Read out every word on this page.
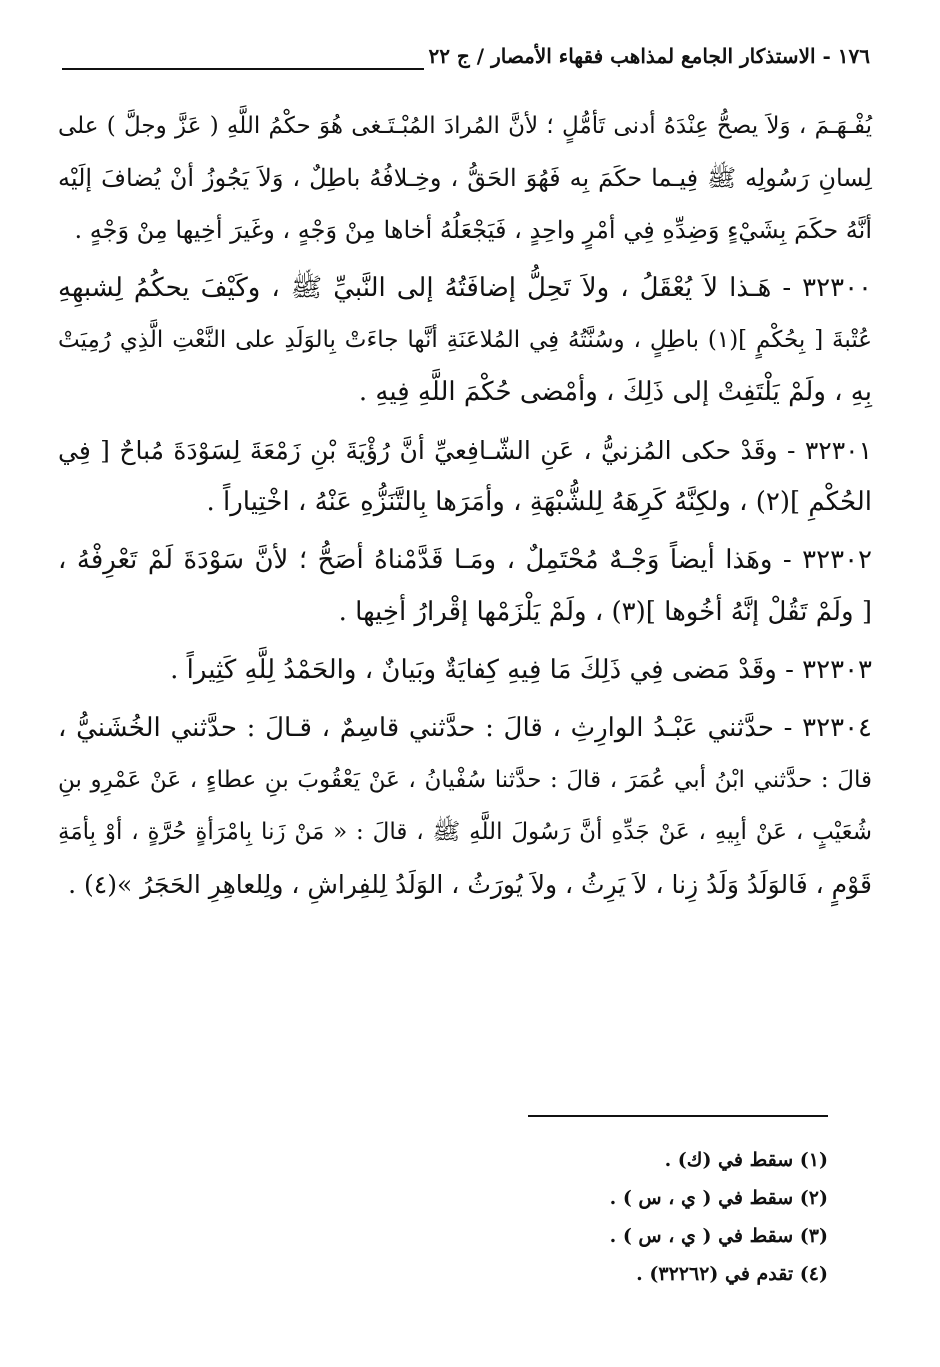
١٧٦ - الاستذكار الجامع لمذاهب فقهاء الأمصار / ج ٢٢

يُفْـهَـمَ ، وَلاَ يصحُّ عِنْدَهُ أدنى تَأمُّلٍ ؛ لأنَّ المُرادَ المُبْـتَـغى هُوَ حكْمُ اللَّهِ ( عَزَّ وجلَّ ) على

لِسانِ رَسُولِه ﷺ فِيـما حكَمَ بِه فَهُوَ الحَقُّ ، وخِـلافُهُ باطِلٌ ، وَلاَ يَجُوزُ أنْ يُضافَ إلَيْه

أنَّهُ حكَمَ بِشَيْءٍ وَضِدِّهِ فِي أمْرٍ واحِدٍ ، فَيَجْعَلُهُ أخاها مِنْ وَجْهٍ ، وغَيرَ أخِيها مِنْ وَجْهٍ .

٣٢٣٠٠ - هَـذا لاَ يُعْقَلُ ، ولاَ تَحِلُّ إضافَتُهُ إلى النَّبيِّ ﷺ ، وكَيْفَ يحكُمُ لِشبهِهِ

عُتْبةَ [ بِحُكْمٍ ](١) باطِلٍ ، وسُنَّتُهُ فِي المُلاعَنَةِ أنَّها جاءَتْ بِالوَلَدِ على النَّعْتِ الَّذِي رُمِيَتْ

بِهِ ، ولَمْ يَلْتَفِتْ إلى ذَلِكَ ، وأمْضى حُكْمَ اللَّهِ فِيهِ .

٣٢٣٠١ - وقَدْ حكى المُزنيُّ ، عَنِ الشّـافِعيِّ أنَّ رُؤْيَةَ بْنِ زَمْعَةَ لِسَوْدَةَ مُباحٌ [ فِي

الحُكْمِ ](٢) ، ولكِنَّهُ كَرِهَهُ لِلشُّبْهَةِ ، وأمَرَها بِالتَّنَزُّهِ عَنْهُ ، اخْتِياراً .

٣٢٣٠٢ - وهَذا أيضاً وَجْـهٌ مُحْتَمِلٌ ، ومَـا قَدَّمْناهُ أصَحُّ ؛ لأنَّ سَوْدَةَ لَمْ تَعْرِفْهُ ،

[ ولَمْ تَقُلْ إنَّهُ أخُوها ](٣) ، ولَمْ يَلْزَمْها إقْرارُ أخِيها .

٣٢٣٠٣ - وقَدْ مَضى فِي ذَلِكَ مَا فِيهِ كِفايَةٌ وبَيانٌ ، والحَمْدُ لِلَّهِ كَثِيراً .

٣٢٣٠٤ - حدَّثني عَبْـدُ الوارِثِ ، قالَ : حدَّثني قاسِمٌ ، قـالَ : حدَّثني الخُشَنيُّ ،

قالَ : حدَّثني ابْنُ أبي عُمَرَ ، قالَ : حدَّثنا سُفْيانُ ، عَنْ يَعْقُوبَ بنِ عطاءٍ ، عَنْ عَمْرِو بنِ

شُعَيْبٍ ، عَنْ أبِيهِ ، عَنْ جَدِّهِ أنَّ رَسُولَ اللَّهِ ﷺ ، قالَ : « مَنْ زَنا بِامْرَأةٍ حُرَّةٍ ، أوْ بِأمَةِ

قَوْمٍ ، فَالوَلَدُ وَلَدُ زِنا ، لاَ يَرِثُ ، ولاَ يُورَثُ ، الوَلَدُ لِلفِراشِ ، ولِلعاهِرِ الحَجَرُ »(٤) .

(١) سقط في (ك) .
(٢) سقط في ( ي ، س ) .
(٣) سقط في ( ي ، س ) .
(٤) تقدم في (٣٢٢٦٢) .
